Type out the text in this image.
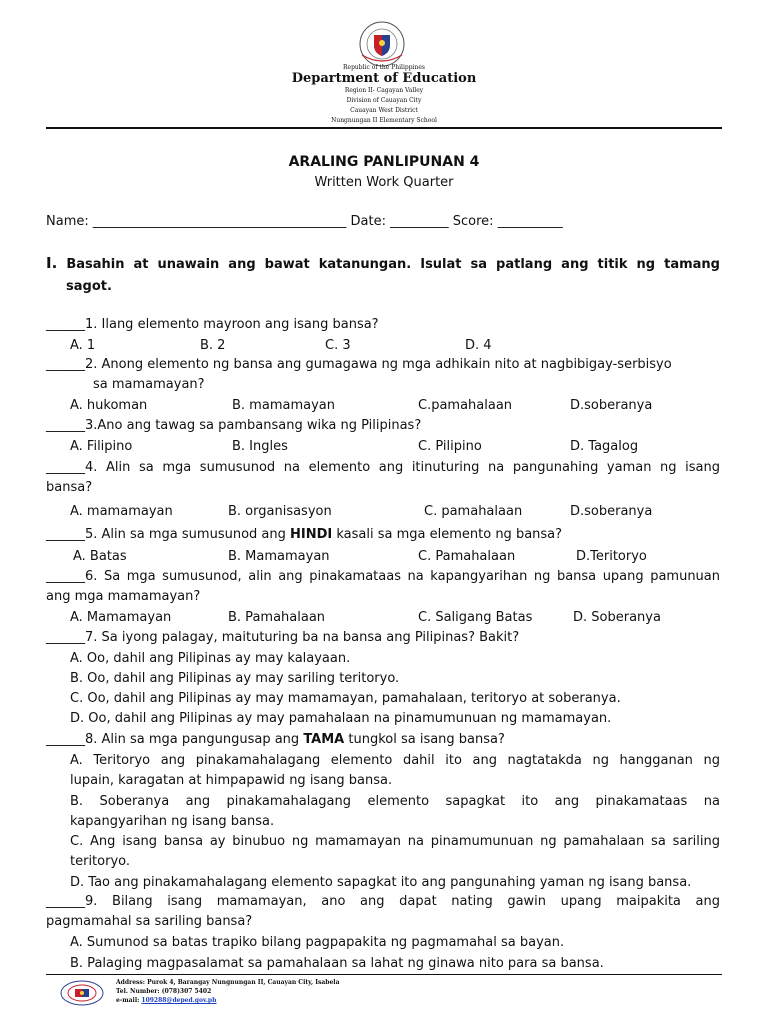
Republic of the Philippines
Department of Education
Region II- Cagayan Valley
Division of Cauayan City
Cauayan West District
Nungnungan II Elementary School
ARALING PANLIPUNAN 4
Written Work Quarter
Name: _______________________________________ Date: _________ Score: __________
I. Basahin at unawain ang bawat katanungan. Isulat sa patlang ang titik ng tamang
sagot.
______1. Ilang elemento mayroon ang isang bansa?
A. 1	B. 2	C. 3	D. 4
______2. Anong elemento ng bansa ang gumagawa ng mga adhikain nito at nagbibigay-serbisyo
sa mamamayan?
A. hukoman	B. mamamayan	C.pamahalaan	D.soberanya
______3.Ano ang tawag sa pambansang wika ng Pilipinas?
A. Filipino	B. Ingles	C. Pilipino	D. Tagalog
______4. Alin sa mga sumusunod na elemento ang itinuturing na pangunahing yaman ng isang
bansa?
A. mamamayan	B. organisasyon	C. pamahalaan	D.soberanya
______5. Alin sa mga sumusunod ang HINDI kasali sa mga elemento ng bansa?
A. Batas	B. Mamamayan	C. Pamahalaan	D.Teritoryo
______6. Sa mga sumusunod, alin ang pinakamataas na kapangyarihan ng bansa upang pamunuan
ang mga mamamayan?
A. Mamamayan	B. Pamahalaan	C. Saligang Batas	D. Soberanya
______7. Sa iyong palagay, maituturing ba na bansa ang Pilipinas? Bakit?
A. Oo, dahil ang Pilipinas ay may kalayaan.
B. Oo, dahil ang Pilipinas ay may sariling teritoryo.
C. Oo, dahil ang Pilipinas ay may mamamayan, pamahalaan, teritoryo at soberanya.
D. Oo, dahil ang Pilipinas ay may pamahalaan na pinamumunuan ng mamamayan.
______8. Alin sa mga pangungusap ang TAMA tungkol sa isang bansa?
A. Teritoryo ang pinakamahalagang elemento dahil ito ang nagtatakda ng hangganan ng
lupain, karagatan at himpapawid ng isang bansa.
B. Soberanya ang pinakamahalagang elemento sapagkat ito ang pinakamataas na
kapangyarihan ng isang bansa.
C. Ang isang bansa ay binubuo ng mamamayan na pinamumunuan ng pamahalaan sa sariling
teritoryo.
D. Tao ang pinakamahalagang elemento sapagkat ito ang pangunahing yaman ng isang bansa.
______9. Bilang isang mamamayan, ano ang dapat nating gawin upang maipakita ang
pagmamahal sa sariling bansa?
A. Sumunod sa batas trapiko bilang pagpapakita ng pagmamahal sa bayan.
B. Palaging magpasalamat sa pamahalaan sa lahat ng ginawa nito para sa bansa.
Address: Purok 4, Barangay Nungnungan II, Cauayan City, Isabela
Tel. Number: (078)307 5402
e-mail: 109288@deped.gov.ph
